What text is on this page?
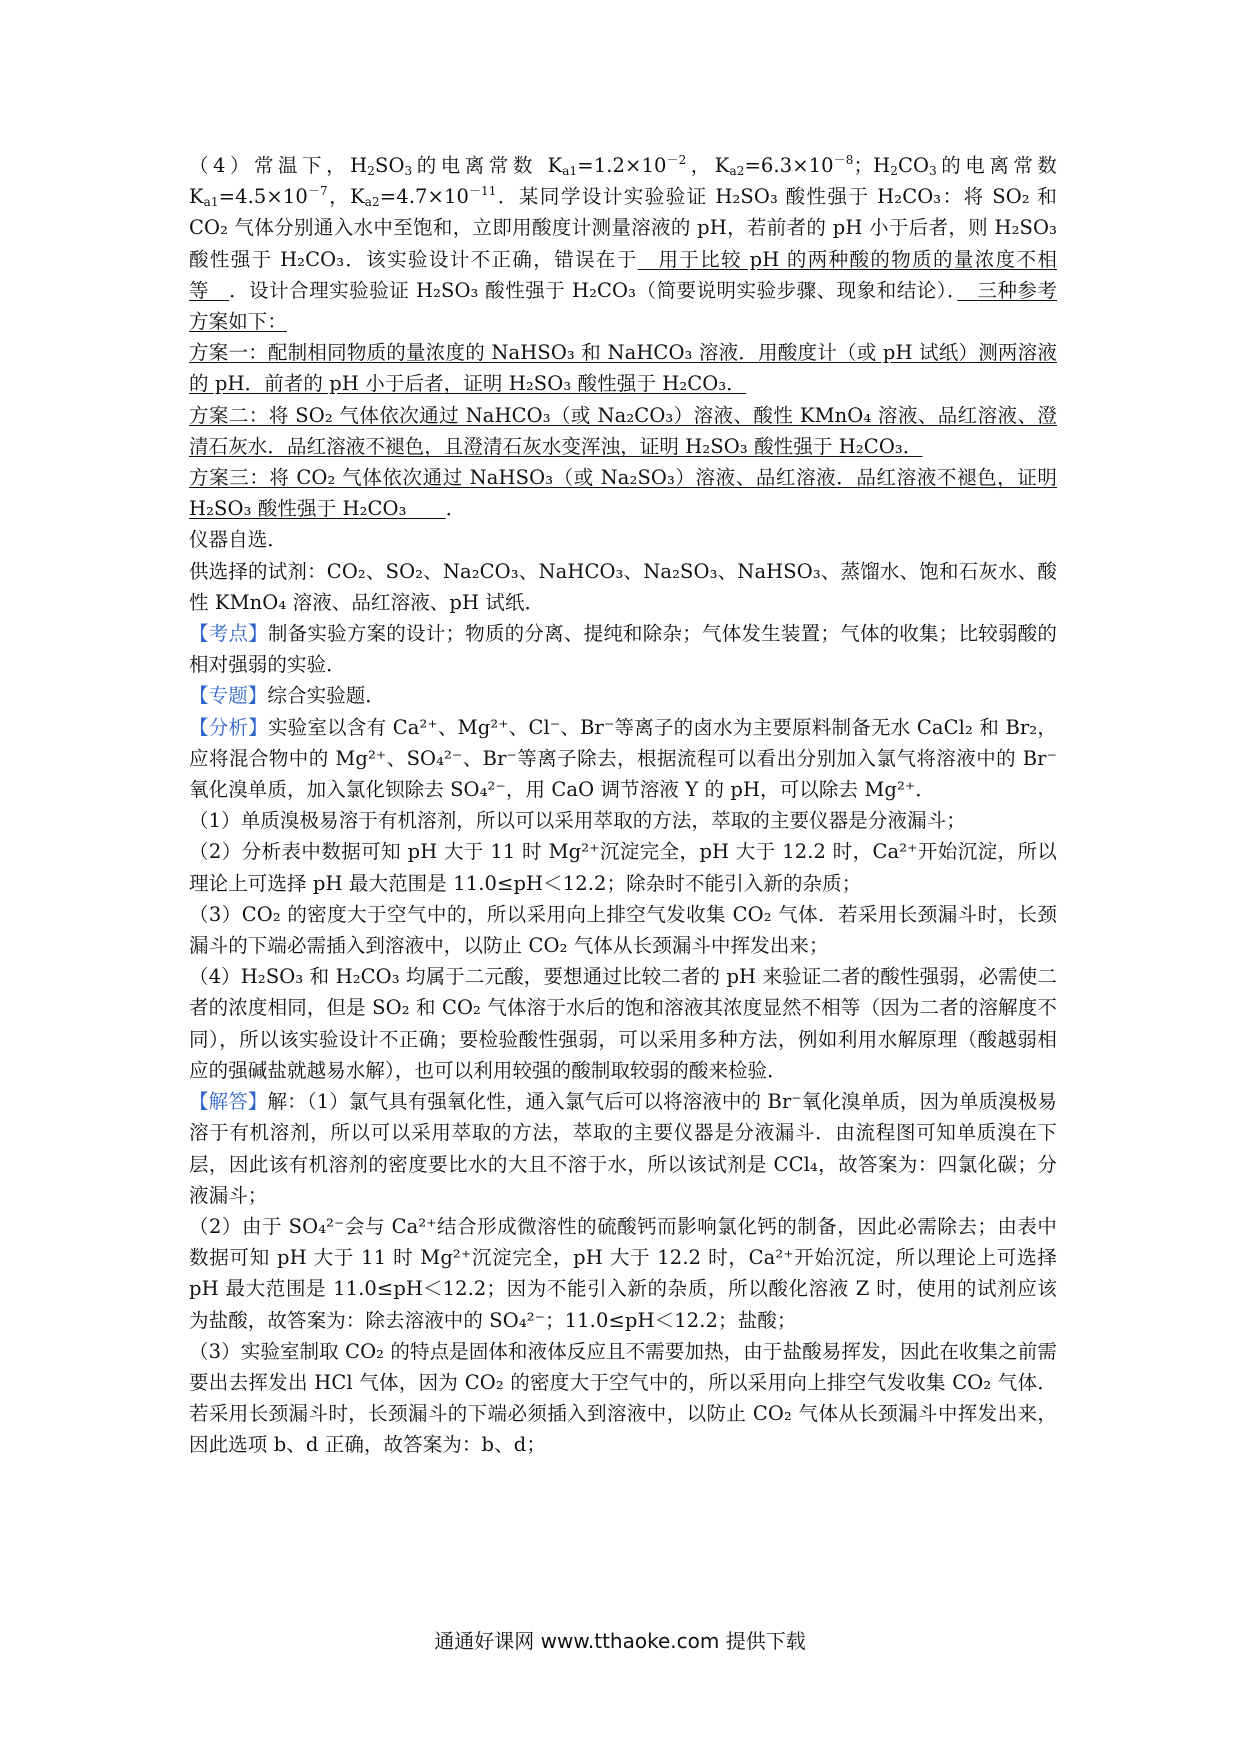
（4）常温下，$H_2SO_3$的电离常数 $K_{a1}=1.2\times 10^{-2}$，$K_{a2}=6.3\times 10^{-8}$；$H_2CO_3$的电离常数 $K_{a1}=4.5\times 10^{-7}$，$K_{a2}=4.7\times 10^{-11}$．某同学设计实验验证 H₂SO₃ 酸性强于 H₂CO₃：将 SO₂ 和 CO₂ 气体分别通入水中至饱和，立即用酸度计测量溶液的 pH，若前者的 pH 小于后者，则 H₂SO₃ 酸性强于 H₂CO₃．该实验设计不正确，错误在于　 用于比较 pH 的两种酸的物质的量浓度不相等　 ．设计合理实验验证 H₂SO₃ 酸性强于 H₂CO₃（简要说明实验步骤、现象和结论）．　 三种参考方案如下：

方案一：配制相同物质的量浓度的 NaHSO₃ 和 NaHCO₃ 溶液．用酸度计（或 pH 试纸）测两溶液的 pH．前者的 pH 小于后者，证明 H₂SO₃ 酸性强于 H₂CO₃．

方案二：将 SO₂ 气体依次通过 NaHCO₃（或 Na₂CO₃）溶液、酸性 KMnO₄ 溶液、品红溶液、澄清石灰水．品红溶液不褪色，且澄清石灰水变浑浊，证明 H₂SO₃ 酸性强于 H₂CO₃．

方案三：将 CO₂ 气体依次通过 NaHSO₃（或 Na₂SO₃）溶液、品红溶液．品红溶液不褪色，证明 H₂SO₃ 酸性强于 H₂CO₃　　 ．

仪器自选．

供选择的试剂：CO₂、SO₂、Na₂CO₃、NaHCO₃、Na₂SO₃、NaHSO₃、蒸馏水、饱和石灰水、酸性 KMnO₄ 溶液、品红溶液、pH 试纸．

【考点】制备实验方案的设计；物质的分离、提纯和除杂；气体发生装置；气体的收集；比较弱酸的相对强弱的实验．

【专题】综合实验题．

【分析】实验室以含有 Ca²⁺、Mg²⁺、Cl⁻、Br⁻等离子的卤水为主要原料制备无水 CaCl₂ 和 Br₂，应将混合物中的 Mg²⁺、SO₄²⁻、Br⁻等离子除去，根据流程可以看出分别加入氯气将溶液中的 Br⁻氧化溴单质，加入氯化钡除去 SO₄²⁻，用 CaO 调节溶液 Y 的 pH，可以除去 Mg²⁺．

（1）单质溴极易溶于有机溶剂，所以可以采用萃取的方法，萃取的主要仪器是分液漏斗；

（2）分析表中数据可知 pH 大于 11 时 Mg²⁺沉淀完全，pH 大于 12.2 时，Ca²⁺开始沉淀，所以理论上可选择 pH 最大范围是 11.0≤pH＜12.2；除杂时不能引入新的杂质；

（3）CO₂ 的密度大于空气中的，所以采用向上排空气发收集 CO₂ 气体．若采用长颈漏斗时，长颈漏斗的下端必需插入到溶液中，以防止 CO₂ 气体从长颈漏斗中挥发出来；

（4）H₂SO₃ 和 H₂CO₃ 均属于二元酸，要想通过比较二者的 pH 来验证二者的酸性强弱，必需使二者的浓度相同，但是 SO₂ 和 CO₂ 气体溶于水后的饱和溶液其浓度显然不相等（因为二者的溶解度不同），所以该实验设计不正确；要检验酸性强弱，可以采用多种方法，例如利用水解原理（酸越弱相应的强碱盐就越易水解），也可以利用较强的酸制取较弱的酸来检验．

【解答】解：（1）氯气具有强氧化性，通入氯气后可以将溶液中的 Br⁻氧化溴单质，因为单质溴极易溶于有机溶剂，所以可以采用萃取的方法，萃取的主要仪器是分液漏斗．由流程图可知单质溴在下层，因此该有机溶剂的密度要比水的大且不溶于水，所以该试剂是 CCl₄，故答案为：四氯化碳；分液漏斗；

（2）由于 SO₄²⁻会与 Ca²⁺结合形成微溶性的硫酸钙而影响氯化钙的制备，因此必需除去；由表中数据可知 pH 大于 11 时 Mg²⁺沉淀完全，pH 大于 12.2 时，Ca²⁺开始沉淀，所以理论上可选择 pH 最大范围是 11.0≤pH＜12.2；因为不能引入新的杂质，所以酸化溶液 Z 时，使用的试剂应该为盐酸，故答案为：除去溶液中的 SO₄²⁻；11.0≤pH＜12.2；盐酸；

（3）实验室制取 CO₂ 的特点是固体和液体反应且不需要加热，由于盐酸易挥发，因此在收集之前需要出去挥发出 HCl 气体，因为 CO₂ 的密度大于空气中的，所以采用向上排空气发收集 CO₂ 气体．若采用长颈漏斗时，长颈漏斗的下端必须插入到溶液中，以防止 CO₂ 气体从长颈漏斗中挥发出来，因此选项 b、d 正确，故答案为：b、d；

通通好课网 www.tthaoke.com 提供下载
